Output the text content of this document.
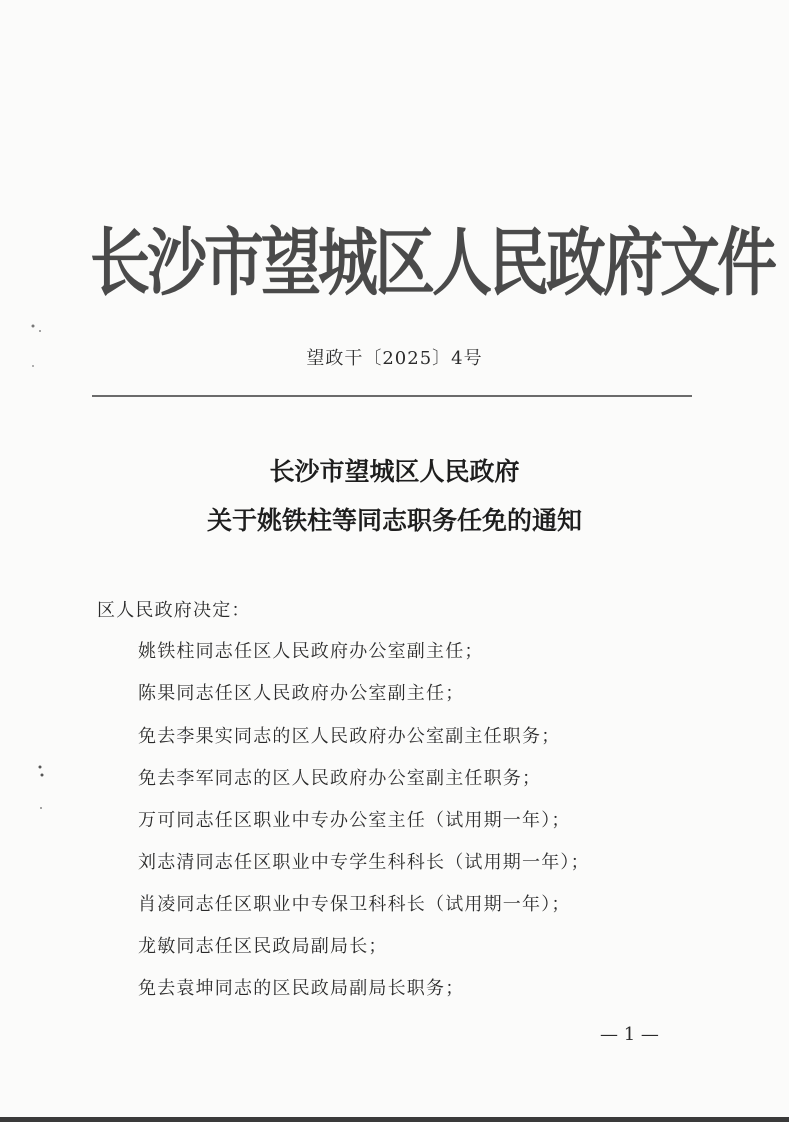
长沙市望城区人民政府文件
望政干〔2025〕4号
长沙市望城区人民政府
关于姚铁柱等同志职务任免的通知
区人民政府决定：
姚铁柱同志任区人民政府办公室副主任；
陈果同志任区人民政府办公室副主任；
免去李果实同志的区人民政府办公室副主任职务；
免去李军同志的区人民政府办公室副主任职务；
万可同志任区职业中专办公室主任（试用期一年）；
刘志清同志任区职业中专学生科科长（试用期一年）；
肖凌同志任区职业中专保卫科科长（试用期一年）；
龙敏同志任区民政局副局长；
免去袁坤同志的区民政局副局长职务；
— 1 —
